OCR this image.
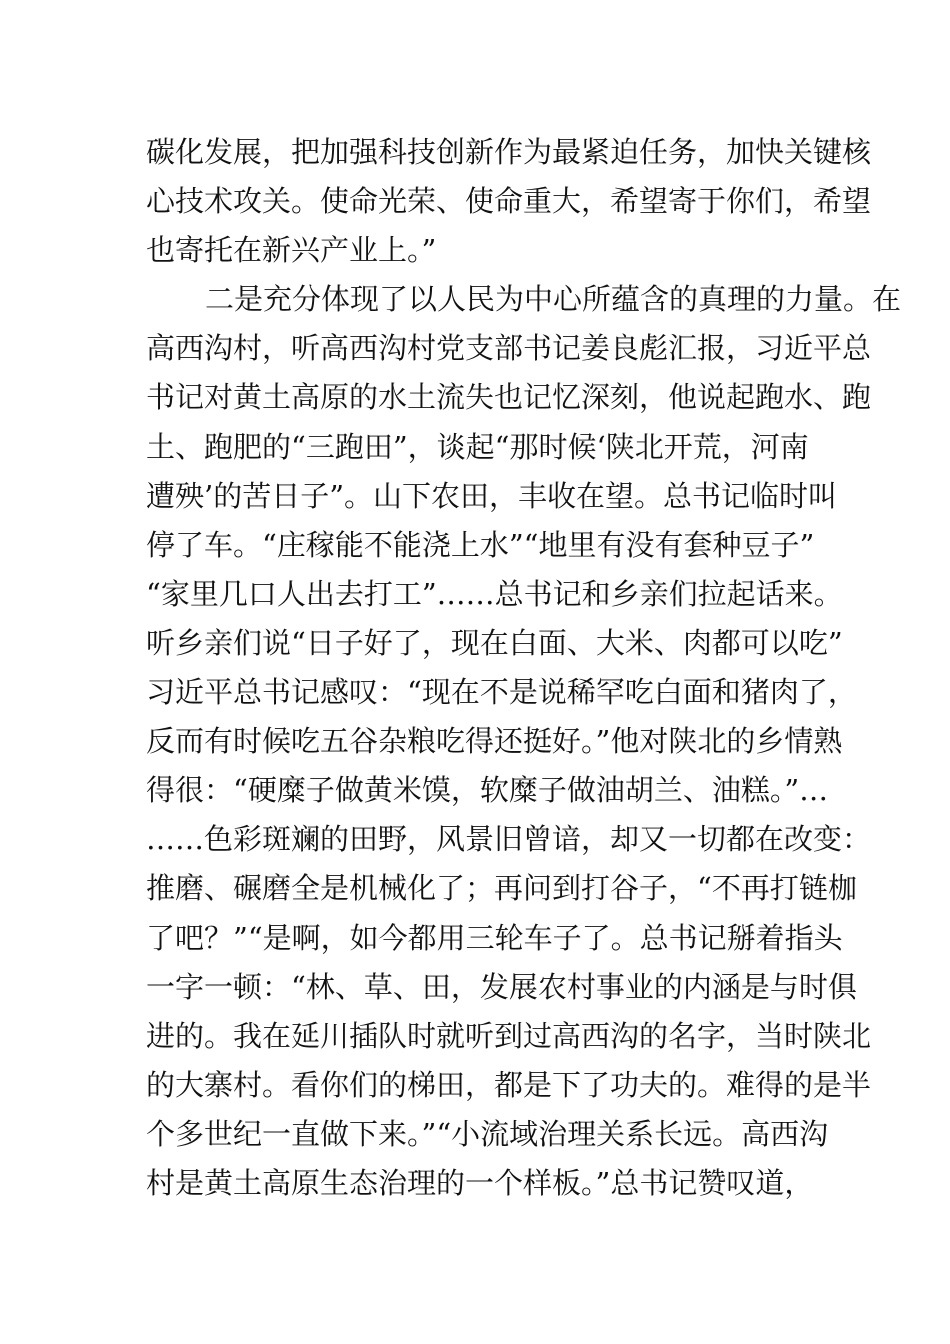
碳化发展，把加强科技创新作为最紧迫任务，加快关键核
心技术攻关。使命光荣、使命重大，希望寄于你们，希望
也寄托在新兴产业上。”
二是充分体现了以人民为中心所蕴含的真理的力量。在
高西沟村，听高西沟村党支部书记姜良彪汇报，习近平总
书记对黄土高原的水土流失也记忆深刻，他说起跑水、跑
土、跑肥的“三跑田”，谈起“那时候‘陕北开荒，河南
遭殃’的苦日子”。山下农田，丰收在望。总书记临时叫
停了车。“庄稼能不能浇上水”“地里有没有套种豆子”
“家里几口人出去打工”……总书记和乡亲们拉起话来。
听乡亲们说“日子好了，现在白面、大米、肉都可以吃”
习近平总书记感叹：“现在不是说稀罕吃白面和猪肉了，
反而有时候吃五谷杂粮吃得还挺好。”他对陕北的乡情熟
得很：“硬糜子做黄米馍，软糜子做油胡兰、油糕。”…
……色彩斑斓的田野，风景旧曾谙，却又一切都在改变：
推磨、碾磨全是机械化了；再问到打谷子，“不再打链枷
了吧？”“是啊，如今都用三轮车子了。总书记掰着指头
一字一顿：“林、草、田，发展农村事业的内涵是与时俱
进的。我在延川插队时就听到过高西沟的名字，当时陕北
的大寨村。看你们的梯田，都是下了功夫的。难得的是半
个多世纪一直做下来。”“小流域治理关系长远。高西沟
村是黄土高原生态治理的一个样板。”总书记赞叹道，
